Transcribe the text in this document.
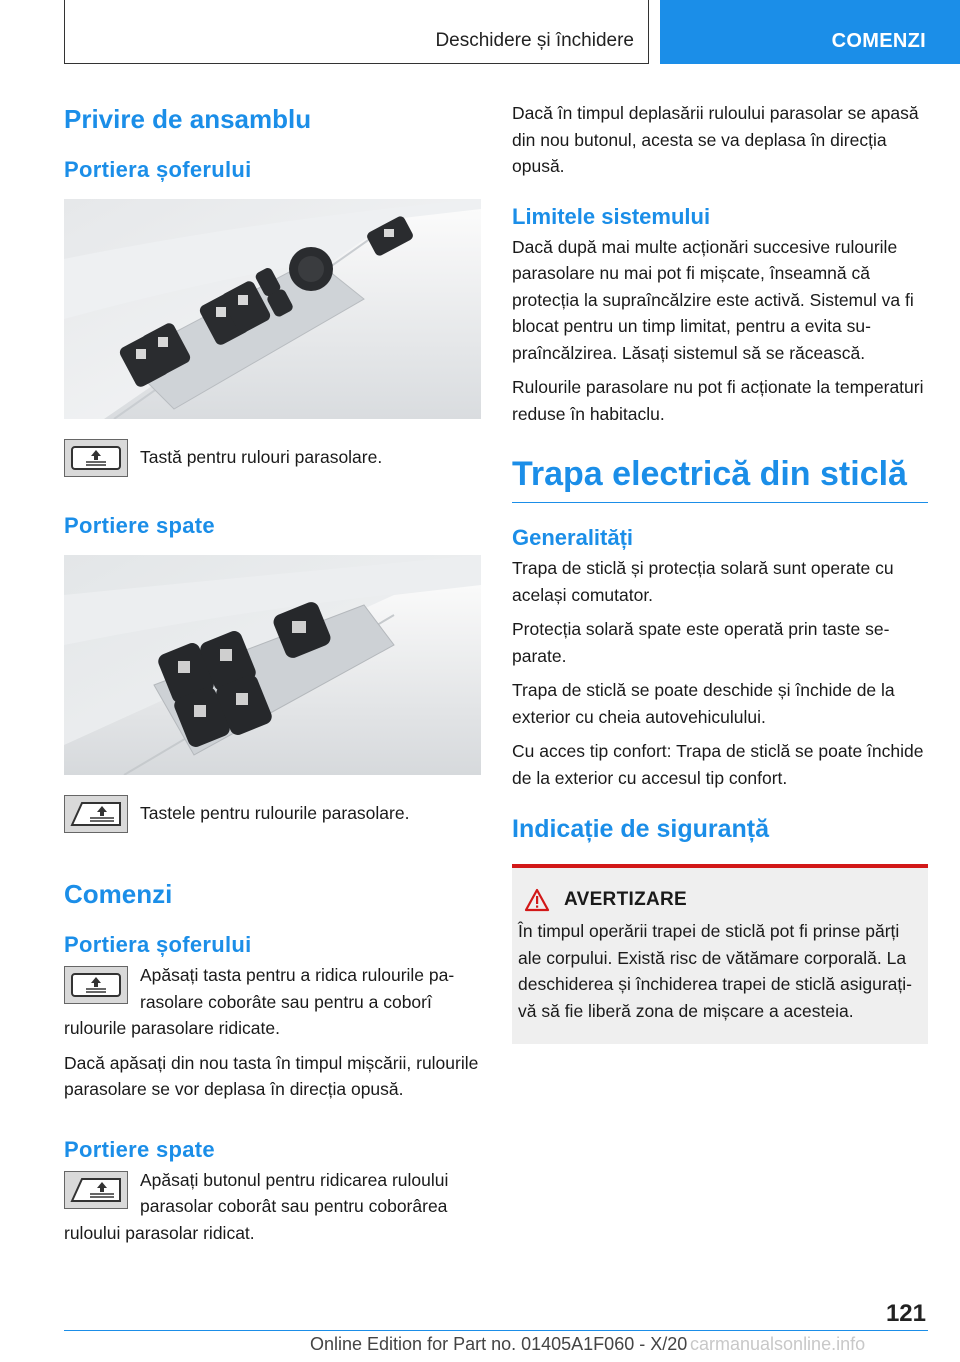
Deschidere și închidere	COMENZI
Privire de ansamblu
Portiera șoferului
Tastă pentru rulouri parasolare.
Portiere spate
Tastele pentru rulourile parasolare.
Comenzi
Portiera șoferului
Apăsați tasta pentru a ridica rulourile parasolare coborâte sau pentru a coborî rulourile parasolare ridicate.
Dacă apăsați din nou tasta în timpul mișcării, rulourile parasolare se vor deplasa în direcția opusă.
Portiere spate
Apăsați butonul pentru ridicarea ruloului parasolar coborât sau pentru coborârea ruloului parasolar ridicat.
Dacă în timpul deplasării ruloului parasolar se apasă din nou butonul, acesta se va deplasa în direcția opusă.
Limitele sistemului
Dacă după mai multe acționări succesive rulourile parasolare nu mai pot fi mișcate, înseamnă că protecția la supraîncălzire este activă. Sistemul va fi blocat pentru un timp limitat, pentru a evita supraîncălzirea. Lăsați sistemul să se răcească.
Rulourile parasolare nu pot fi acționate la temperaturi reduse în habitaclu.
Trapa electrică din sticlă
Generalități
Trapa de sticlă și protecția solară sunt operate cu același comutator.
Protecția solară spate este operată prin taste separate.
Trapa de sticlă se poate deschide și închide de la exterior cu cheia autovehiculului.
Cu acces tip confort: Trapa de sticlă se poate închide de la exterior cu accesul tip confort.
Indicație de siguranță
AVERTIZARE
În timpul operării trapei de sticlă pot fi prinse părți ale corpului. Există risc de vătămare corporală. La deschiderea și închiderea trapei de sticlă asigurați-vă să fie liberă zona de mișcare a acesteia.
121
Online Edition for Part no. 01405A1F060 - X/20 carmanualsonline.info
